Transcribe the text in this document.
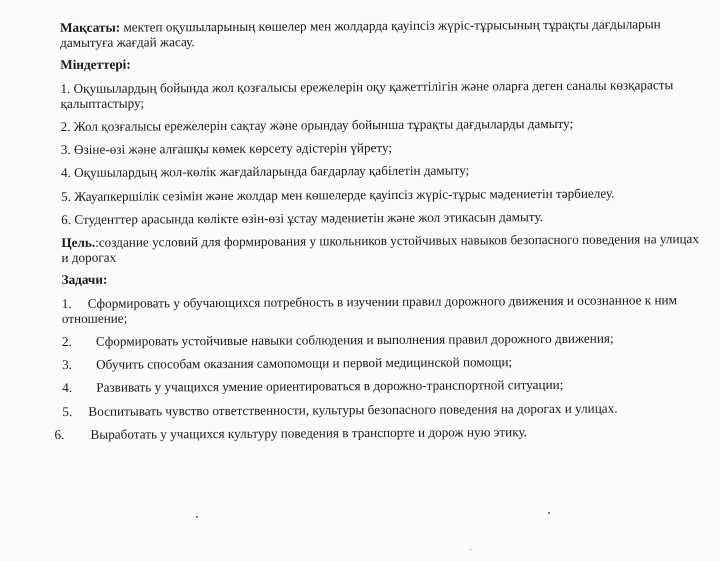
Мақсаты: мектеп оқушыларының көшелер мен жолдарда қауіпсіз жүріс-тұрысының тұрақты дағдыларын дамытуға жағдай жасау.

Міндеттері:
1. Оқушылардың бойында жол қозғалысы ережелерін оқу қажеттілігін және оларға деген саналы көзқарасты қалыптастыру;
2. Жол қозғалысы ережелерін сақтау және орындау бойынша тұрақты дағдыларды дамыту;
3. Өзіне-өзі және алғашқы көмек көрсету әдістерін үйрету;
4. Оқушылардың жол-көлік жағдайларында бағдарлау қабілетін дамыту;
5. Жауапкершілік сезімін және жолдар мен көшелерде қауіпсіз жүріс-тұрыс мәдениетін тәрбиелеу.
6. Студенттер арасында көлікте өзін-өзі ұстау мәдениетін және жол этикасын дамыту.

Цель.:создание условий для формирования у школьников устойчивых навыков безопасного поведения на улицах и дорогах

Задачи:
1. Сформировать у обучающихся потребность в изучении правил дорожного движения и осознанное к ним отношение;
2.	Сформировать устойчивые навыки соблюдения и выполнения правил дорожного движения;
3.	Обучить способам оказания самопомощи и первой медицинской помощи;
4.	Развивать у учащихся умение ориентироваться в дорожно-транспортной ситуации;
5. Воспитывать чувство ответственности, культуры безопасного поведения на дорогах и улицах.
6.	Выработать у учащихся культуру поведения в транспорте и дорож ную этику.
